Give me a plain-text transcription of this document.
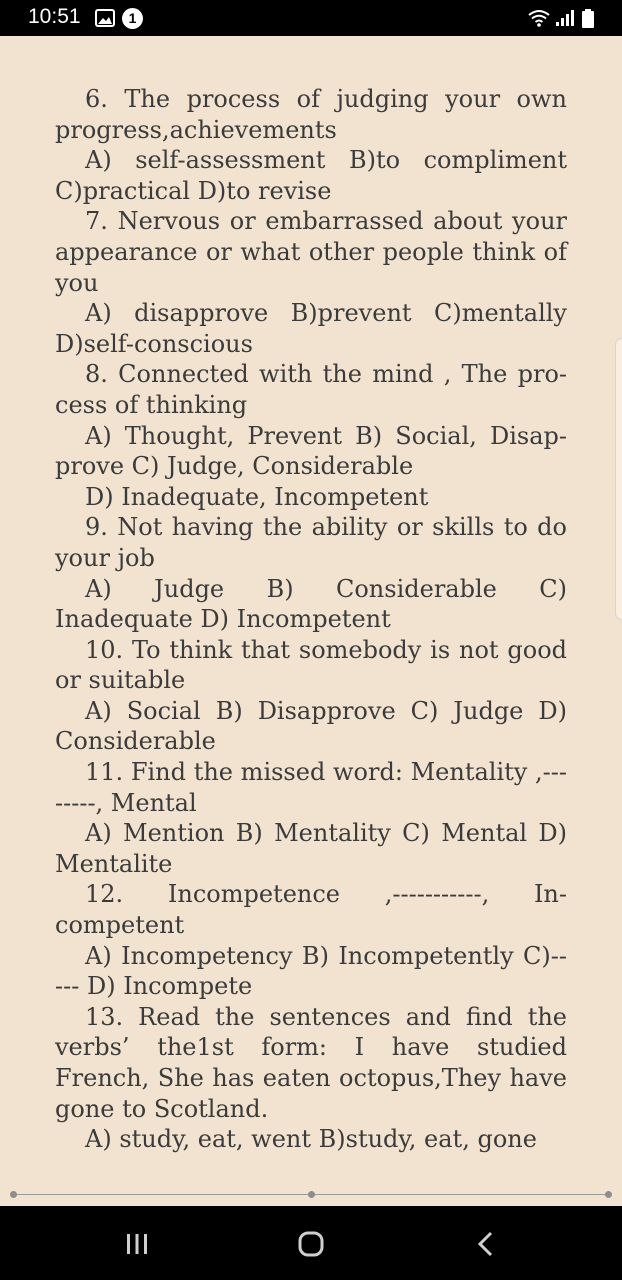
10:51	1

6. The process of judging your own progress,achievements

A) self-assessment B)to compliment C)practical D)to revise

7. Nervous or embarrassed about your appearance or what other people think of you

A) disapprove B)prevent C)mentally D)self-conscious

8. Connected with the mind , The process of thinking

A) Thought, Prevent B) Social, Disapprove C) Judge, Considerable

D) Inadequate, Incompetent

9. Not having the ability or skills to do your job

A) Judge B) Considerable C) Inadequate D) Incompetent

10. To think that somebody is not good or suitable

A) Social B) Disapprove C) Judge D) Considerable

11. Find the missed word: Mentality ,--------, Mental

A) Mention B) Mentality C) Mental D) Mentalite

12. Incompetence ,-----------, Incompetent

A) Incompetency B) Incompetently C)----- D) Incompete

13. Read the sentences and find the verbs’ the1st form: I have studied French, She has eaten octopus,They have gone to Scotland.

A) study, eat, went B)study, eat, gone
